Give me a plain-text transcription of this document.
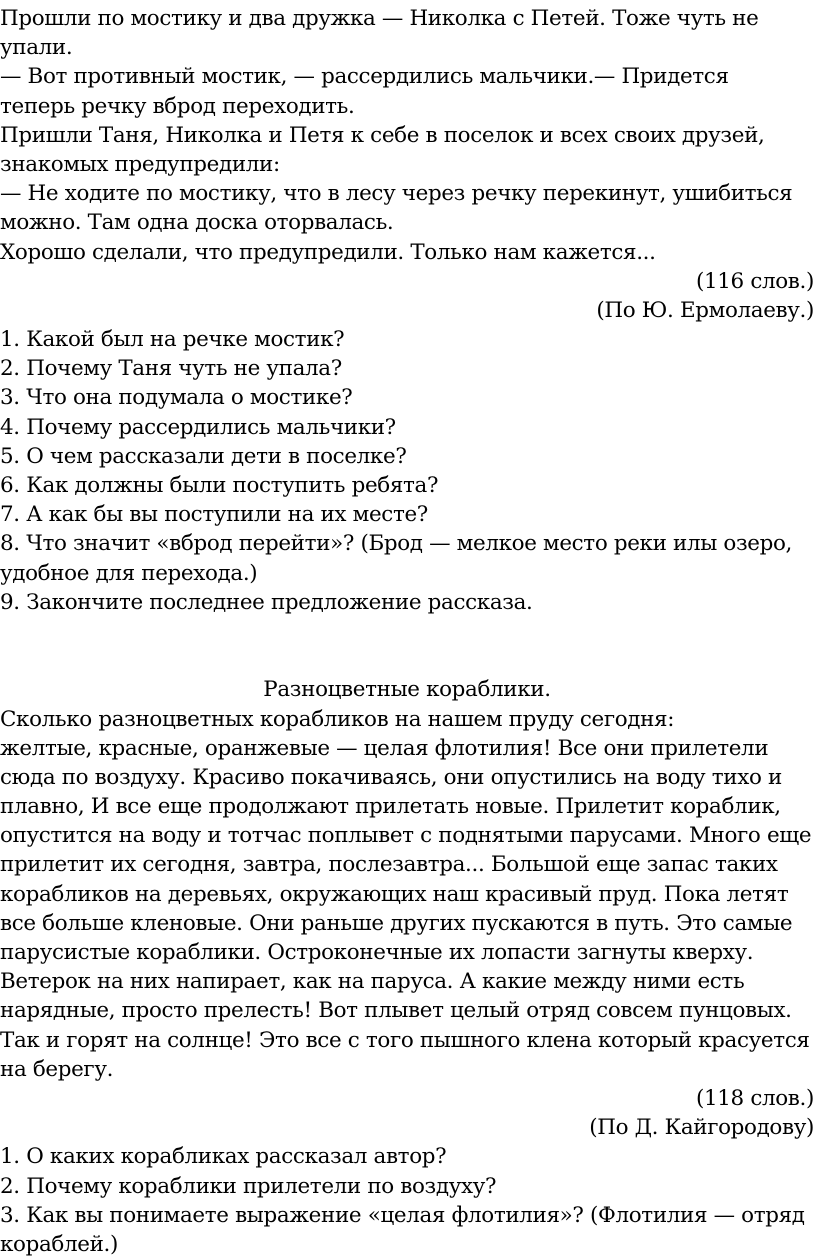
Прошли по мостику и два дружка — Николка с Петей. Тоже чуть не
упали.
— Вот противный мостик, — рассердились мальчики.— Придется
теперь речку вброд переходить.
Пришли Таня, Николка и Петя к себе в поселок и всех своих друзей,
знакомых предупредили:
— Не ходите по мостику, что в лесу через речку перекинут, ушибиться
можно. Там одна доска оторвалась.
Хорошо сделали, что предупредили. Только нам кажется...
(116 слов.)
(По Ю. Ермолаеву.)
1. Какой был на речке мостик?
2. Почему Таня чуть не упала?
3. Что она подумала о мостике?
4. Почему рассердились мальчики?
5. О чем рассказали дети в поселке?
6. Как должны были поступить ребята?
7. А как бы вы поступили на их месте?
8. Что значит «вброд перейти»? (Брод — мелкое место реки илы озеро,
удобное для перехода.)
9. Закончите последнее предложение рассказа.
Разноцветные кораблики.
Сколько разноцветных корабликов на нашем пруду сегодня:
желтые, красные, оранжевые — целая флотилия! Все они прилетели
сюда по воздуху. Красиво покачиваясь, они опустились на воду тихо и
плавно, И все еще продолжают прилетать новые. Прилетит кораблик,
опустится на воду и тотчас поплывет с поднятыми парусами. Много еще
прилетит их сегодня, завтра, послезавтра... Большой еще запас таких
корабликов на деревьях, окружающих наш красивый пруд. Пока летят
все больше кленовые. Они раньше других пускаются в путь. Это самые
парусистые кораблики. Остроконечные их лопасти загнуты кверху.
Ветерок на них напирает, как на паруса. А какие между ними есть
нарядные, просто прелесть! Вот плывет целый отряд совсем пунцовых.
Так и горят на солнце! Это все с того пышного клена который красуется
на берегу.
(118 слов.)
(По Д. Кайгородову)
1. О каких корабликах рассказал автор?
2. Почему кораблики прилетели по воздуху?
3. Как вы понимаете выражение «целая флотилия»? (Флотилия — отряд
кораблей.)
